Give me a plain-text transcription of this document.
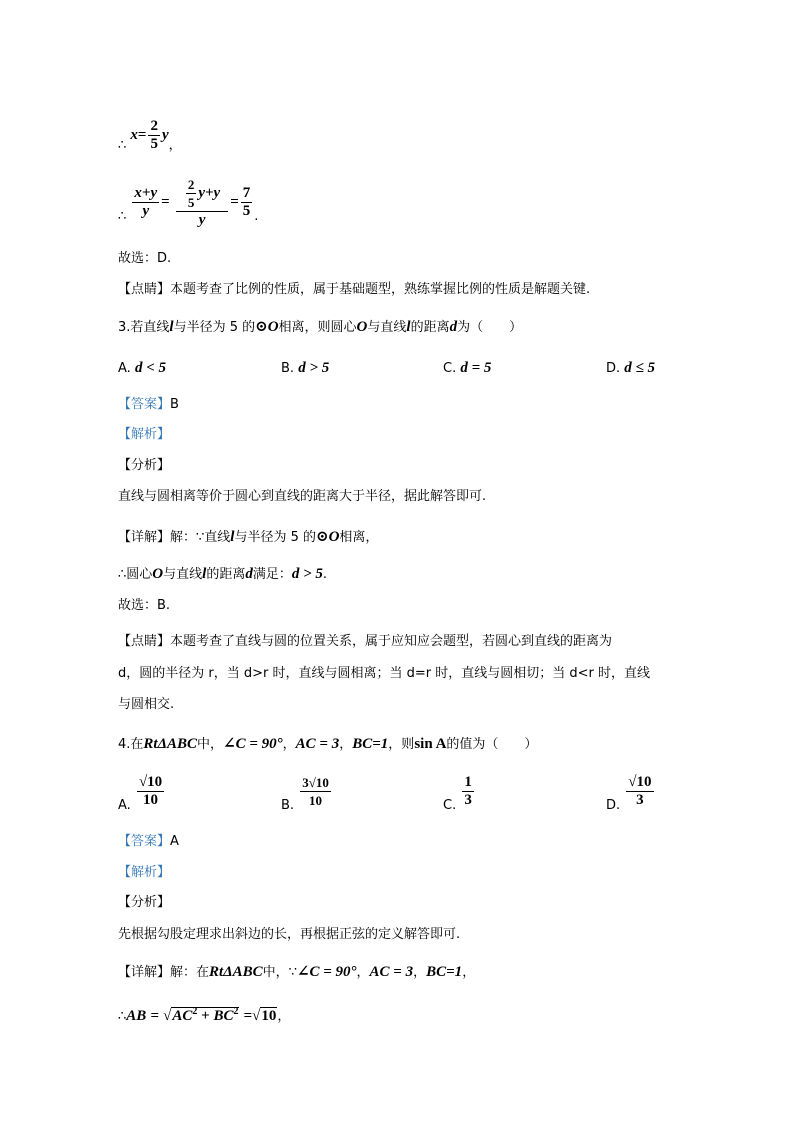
∴ $x= \frac{2}{5}$ y，
∴ $\frac{x+y}{y} = \frac{\frac{2}{5} y+y}{y} = \frac{7}{5}$ .
故选：D.
【点睛】本题考查了比例的性质，属于基础题型，熟练掌握比例的性质是解题关键.
3.若直线l与半径为 5 的⊙O相离，则圆心O与直线l的距离d为（　　）
A. d < 5	B. d > 5	C. d = 5	D. d ≤ 5
【答案】B
【解析】
【分析】
直线与圆相离等价于圆心到直线的距离大于半径，据此解答即可.
【详解】解：∵直线l与半径为 5 的⊙O相离，
∴圆心O与直线l的距离d满足：d > 5.
故选：B.
【点睛】本题考查了直线与圆的位置关系，属于应知应会题型，若圆心到直线的距离为
d，圆的半径为 r，当 d>r 时，直线与圆相离；当 d=r 时，直线与圆相切；当 d<r 时，直线
与圆相交.
4.在RtΔABC中，∠C = 90°，AC = 3，BC=1，则sin A的值为（　　）
A. $\frac{√10}{10}$	B. $\frac{3√10}{10}$	C. $\frac{1}{3}$	D. $\frac{√10}{3}$
【答案】A
【解析】
【分析】
先根据勾股定理求出斜边的长，再根据正弦的定义解答即可.
【详解】解：在RtΔABC中，∵∠C = 90°，AC = 3，BC=1，
∴AB = $√AC^2 + BC^2 =√10$，
